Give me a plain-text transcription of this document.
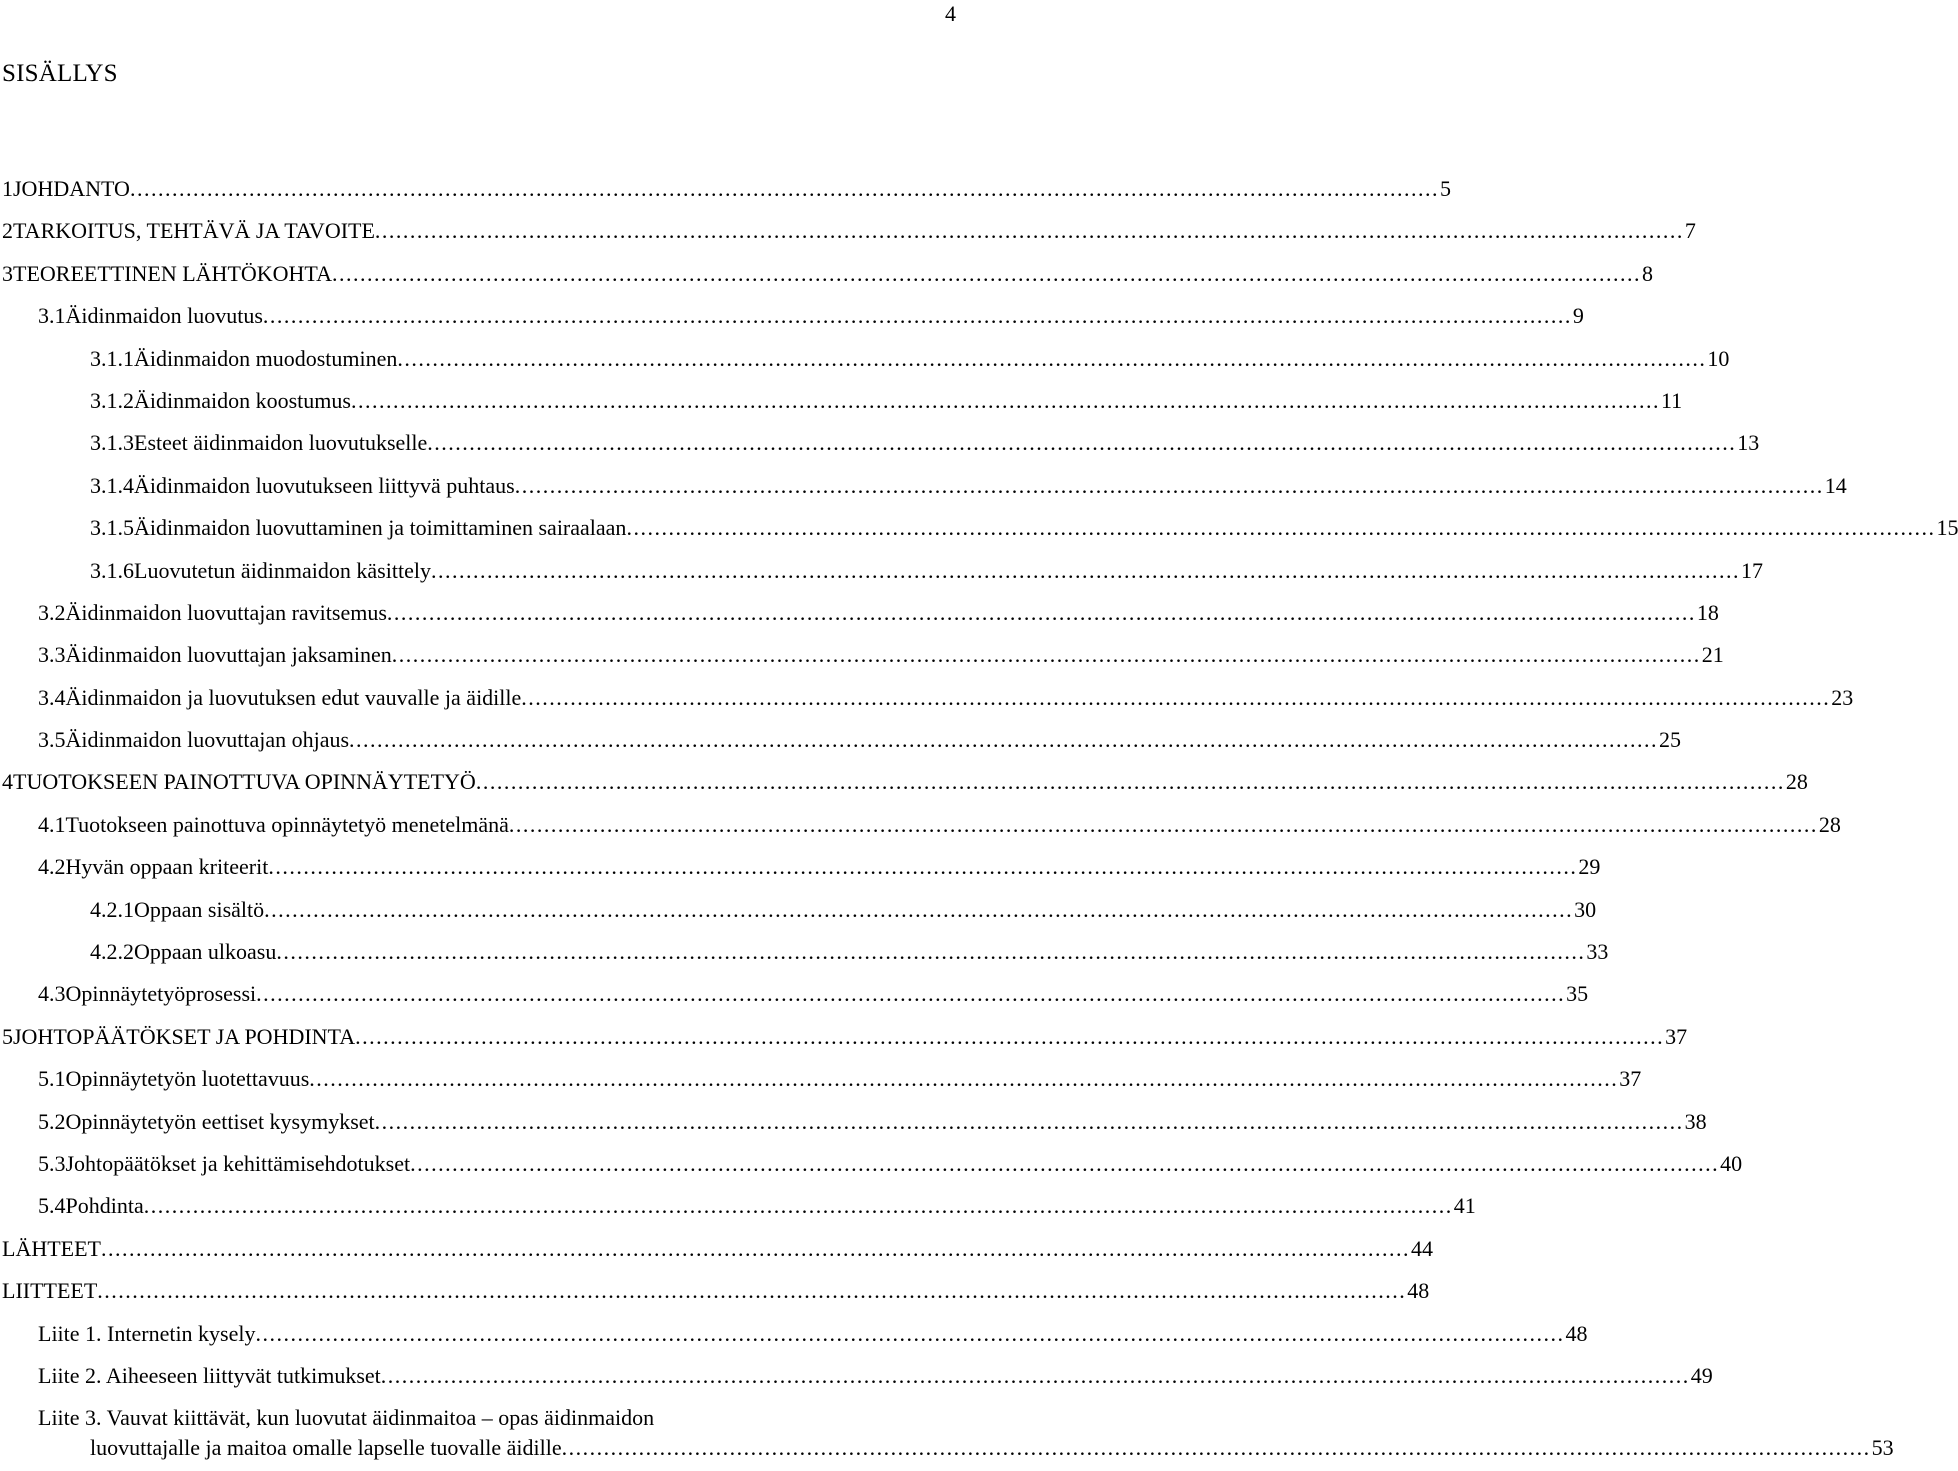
4
SISÄLLYS
1 JOHDANTO ........................................................................................................................................................................................... 5
2 TARKOITUS, TEHTÄVÄ JA TAVOITE ........................................................................................................................................................................................... 7
3 TEOREETTINEN LÄHTÖKOHTA ........................................................................................................................................................................................... 8
3.1 Äidinmaidon luovutus ........................................................................................................................................................................................... 9
3.1.1 Äidinmaidon muodostuminen ........................................................................................................................................................................................... 10
3.1.2 Äidinmaidon koostumus ........................................................................................................................................................................................... 11
3.1.3 Esteet äidinmaidon luovutukselle ........................................................................................................................................................................................... 13
3.1.4 Äidinmaidon luovutukseen liittyvä puhtaus ........................................................................................................................................................................................... 14
3.1.5 Äidinmaidon luovuttaminen ja toimittaminen sairaalaan ........................................................................................................................................................................................... 15
3.1.6 Luovutetun äidinmaidon käsittely ........................................................................................................................................................................................... 17
3.2 Äidinmaidon luovuttajan ravitsemus ........................................................................................................................................................................................... 18
3.3 Äidinmaidon luovuttajan jaksaminen ........................................................................................................................................................................................... 21
3.4 Äidinmaidon ja luovutuksen edut vauvalle ja äidille ........................................................................................................................................................................................... 23
3.5 Äidinmaidon luovuttajan ohjaus ........................................................................................................................................................................................... 25
4 TUOTOKSEEN PAINOTTUVA OPINNÄYTETYÖ ........................................................................................................................................................................................... 28
4.1 Tuotokseen painottuva opinnäytetyö menetelmänä ........................................................................................................................................................................................... 28
4.2 Hyvän oppaan kriteerit ........................................................................................................................................................................................... 29
4.2.1 Oppaan sisältö ........................................................................................................................................................................................... 30
4.2.2 Oppaan ulkoasu ........................................................................................................................................................................................... 33
4.3 Opinnäytetyöprosessi ........................................................................................................................................................................................... 35
5 JOHTOPÄÄTÖKSET JA POHDINTA ........................................................................................................................................................................................... 37
5.1 Opinnäytetyön luotettavuus ........................................................................................................................................................................................... 37
5.2 Opinnäytetyön eettiset kysymykset ........................................................................................................................................................................................... 38
5.3 Johtopäätökset ja kehittämisehdotukset ........................................................................................................................................................................................... 40
5.4 Pohdinta ........................................................................................................................................................................................... 41
LÄHTEET ........................................................................................................................................................................................... 44
LIITTEET ........................................................................................................................................................................................... 48
Liite 1. Internetin kysely ........................................................................................................................................................................................... 48
Liite 2. Aiheeseen liittyvät tutkimukset ........................................................................................................................................................................................... 49
Liite 3. Vauvat kiittävät, kun luovutat äidinmaitoa – opas äidinmaidon
luovuttajalle ja maitoa omalle lapselle tuovalle äidille ........................................................................................................................................................................................... 53
